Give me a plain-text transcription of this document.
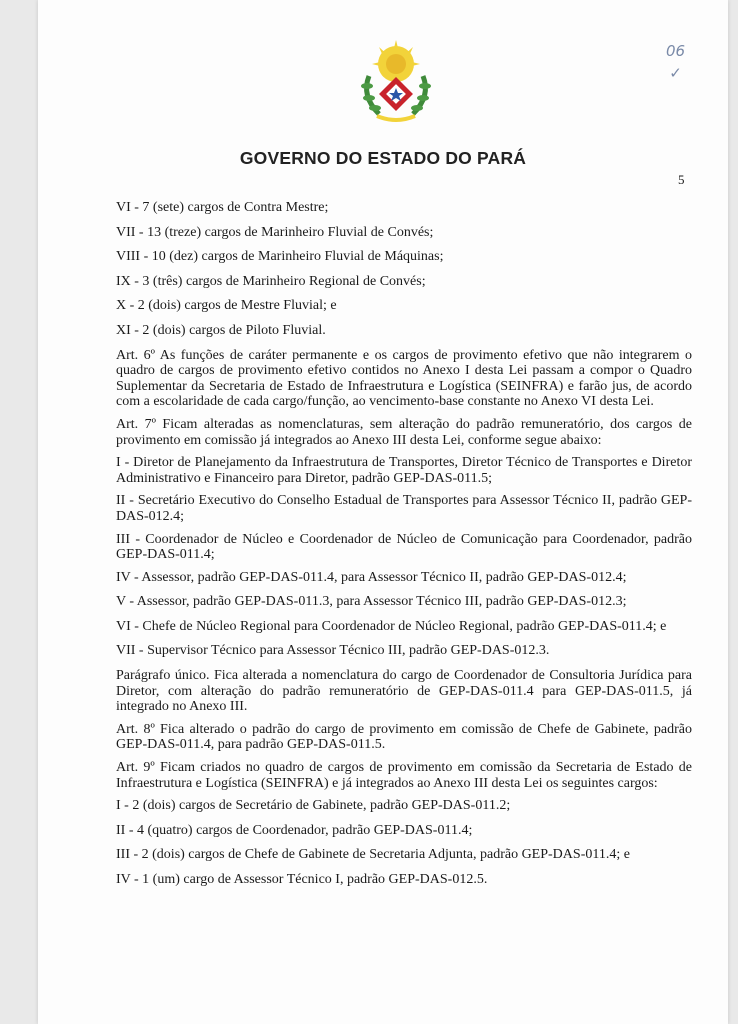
06
✓
GOVERNO DO ESTADO DO PARÁ
5

VI - 7 (sete) cargos de Contra Mestre;

VII - 13 (treze) cargos de Marinheiro Fluvial de Convés;

VIII - 10 (dez) cargos de Marinheiro Fluvial de Máquinas;

IX - 3 (três) cargos de Marinheiro Regional de Convés;

X - 2 (dois) cargos de Mestre Fluvial; e

XI - 2 (dois) cargos de Piloto Fluvial.

Art. 6º As funções de caráter permanente e os cargos de provimento efetivo que não integrarem o quadro de cargos de provimento efetivo contidos no Anexo I desta Lei passam a compor o Quadro Suplementar da Secretaria de Estado de Infraestrutura e Logística (SEINFRA) e farão jus, de acordo com a escolaridade de cada cargo/função, ao vencimento-base constante no Anexo VI desta Lei.

Art. 7º Ficam alteradas as nomenclaturas, sem alteração do padrão remuneratório, dos cargos de provimento em comissão já integrados ao Anexo III desta Lei, conforme segue abaixo:

I - Diretor de Planejamento da Infraestrutura de Transportes, Diretor Técnico de Transportes e Diretor Administrativo e Financeiro para Diretor, padrão GEP-DAS-011.5;

II - Secretário Executivo do Conselho Estadual de Transportes para Assessor Técnico II, padrão GEP- DAS-012.4;

III - Coordenador de Núcleo e Coordenador de Núcleo de Comunicação para Coordenador, padrão GEP-DAS-011.4;

IV - Assessor, padrão GEP-DAS-011.4, para Assessor Técnico II, padrão GEP-DAS-012.4;

V - Assessor, padrão GEP-DAS-011.3, para Assessor Técnico III, padrão GEP-DAS-012.3;

VI - Chefe de Núcleo Regional para Coordenador de Núcleo Regional, padrão GEP-DAS-011.4; e

VII - Supervisor Técnico para Assessor Técnico III, padrão GEP-DAS-012.3.

Parágrafo único. Fica alterada a nomenclatura do cargo de Coordenador de Consultoria Jurídica para Diretor, com alteração do padrão remuneratório de GEP-DAS-011.4 para GEP-DAS-011.5, já integrado no Anexo III.

Art. 8º Fica alterado o padrão do cargo de provimento em comissão de Chefe de Gabinete, padrão GEP-DAS-011.4, para padrão GEP-DAS-011.5.

Art. 9º Ficam criados no quadro de cargos de provimento em comissão da Secretaria de Estado de Infraestrutura e Logística (SEINFRA) e já integrados ao Anexo III desta Lei os seguintes cargos:

I - 2 (dois) cargos de Secretário de Gabinete, padrão GEP-DAS-011.2;

II - 4 (quatro) cargos de Coordenador, padrão GEP-DAS-011.4;

III - 2 (dois) cargos de Chefe de Gabinete de Secretaria Adjunta, padrão GEP-DAS-011.4; e

IV - 1 (um) cargo de Assessor Técnico I, padrão GEP-DAS-012.5.
